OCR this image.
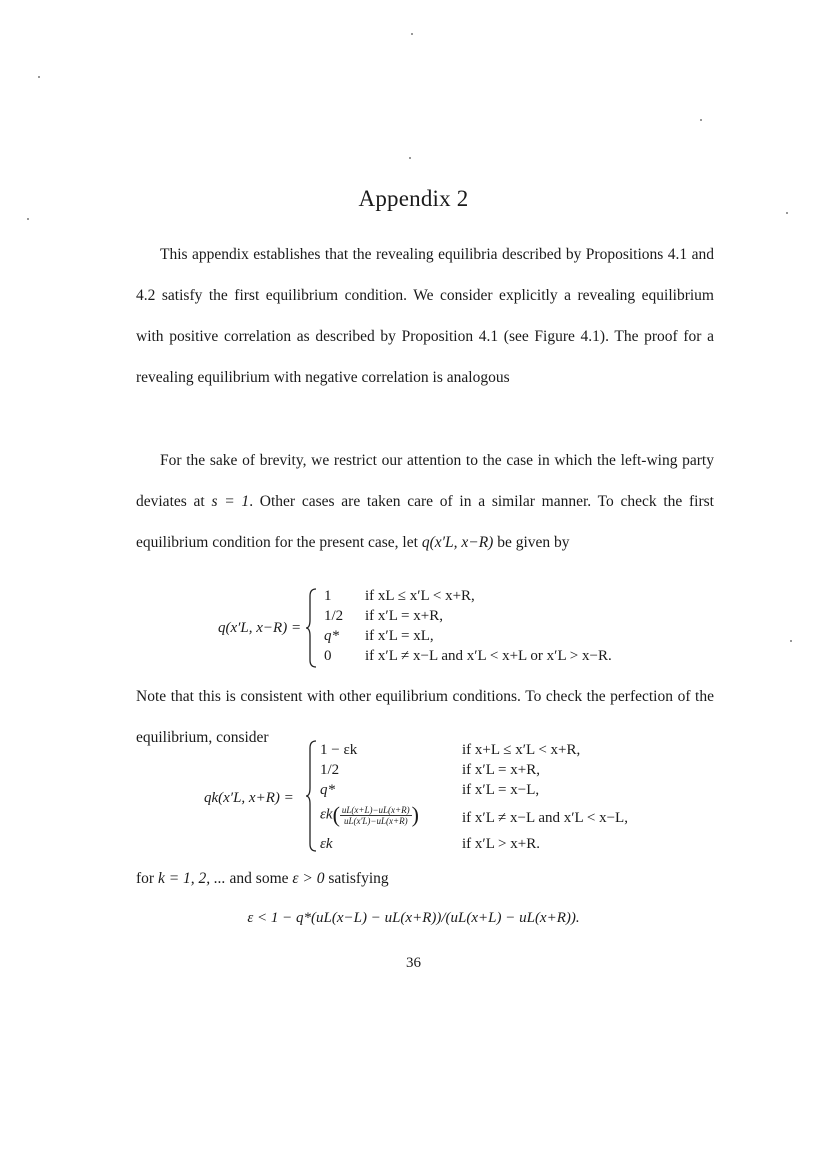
Appendix 2

This appendix establishes that the revealing equilibria described by Propositions 4.1 and 4.2 satisfy the first equilibrium condition. We consider explicitly a revealing equilibrium with positive correlation as described by Proposition 4.1 (see Figure 4.1). The proof for a revealing equilibrium with negative correlation is analogous

For the sake of brevity, we restrict our attention to the case in which the left-wing party deviates at s = 1. Other cases are taken care of in a similar manner. To check the first equilibrium condition for the present case, let q(x′L, x−R) be given by

q(x′L, x−R) =
1 if xL ≤ x′L < x+R,
1/2 if x′L = x+R,
q* if x′L = xL,
0 if x′L ≠ x−L and x′L < x+L or x′L > x−R.

Note that this is consistent with other equilibrium conditions. To check the perfection of the equilibrium, consider

qk(x′L, x+R) =
1 − εk	if x+L ≤ x′L < x+R,
1/2	if x′L = x+R,
q*	if x′L = x−L,
$\varepsilon k( \frac{uL(x+L)-uL(x+R)}{uL(x'L)-uL(x+R)}$ )	if x′L ≠ x−L and x′L < x−L,
εk	if x′L > x+R.

for k = 1, 2, ... and some ε > 0 satisfying

ε < 1 − q*(uL(x−L) − uL(x+R))/(uL(x+L) − uL(x+R)).
36
